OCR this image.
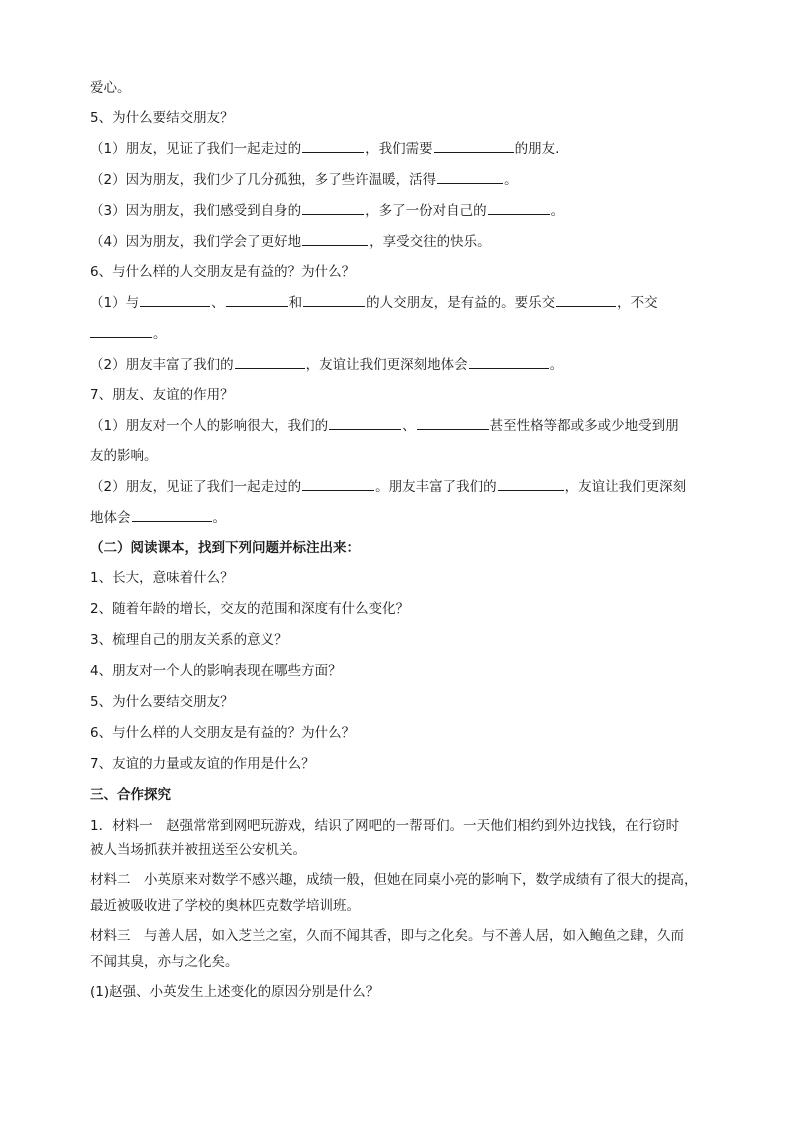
爱心。

5、为什么要结交朋友？

（1）朋友，见证了我们一起走过的	，我们需要	的朋友.

（2）因为朋友，我们少了几分孤独，多了些许温暖，活得	。

（3）因为朋友，我们感受到自身的	，多了一份对自己的	。

（4）因为朋友，我们学会了更好地	，享受交往的快乐。

6、与什么样的人交朋友是有益的？为什么？

（1）与	、	和	的人交朋友，是有益的。要乐交	，不交

。

（2）朋友丰富了我们的	，友谊让我们更深刻地体会	。

7、朋友、友谊的作用？

（1）朋友对一个人的影响很大，我们的	、	甚至性格等都或多或少地受到朋

友的影响。

（2）朋友，见证了我们一起走过的	。朋友丰富了我们的	，友谊让我们更深刻

地体会	。

（二）阅读课本，找到下列问题并标注出来：

1、长大，意味着什么？

2、随着年龄的增长，交友的范围和深度有什么变化？

3、梳理自己的朋友关系的意义？

4、朋友对一个人的影响表现在哪些方面？

5、为什么要结交朋友？

6、与什么样的人交朋友是有益的？为什么？

7、友谊的力量或友谊的作用是什么？

三、合作探究

1．材料一　赵强常常到网吧玩游戏，结识了网吧的一帮哥们。一天他们相约到外边找钱，在行窃时

被人当场抓获并被扭送至公安机关。

材料二　小英原来对数学不感兴趣，成绩一般，但她在同桌小亮的影响下，数学成绩有了很大的提高，

最近被吸收进了学校的奥林匹克数学培训班。

材料三　与善人居，如入芝兰之室，久而不闻其香，即与之化矣。与不善人居，如入鲍鱼之肆，久而

不闻其臭，亦与之化矣。

(1)赵强、小英发生上述变化的原因分别是什么？
